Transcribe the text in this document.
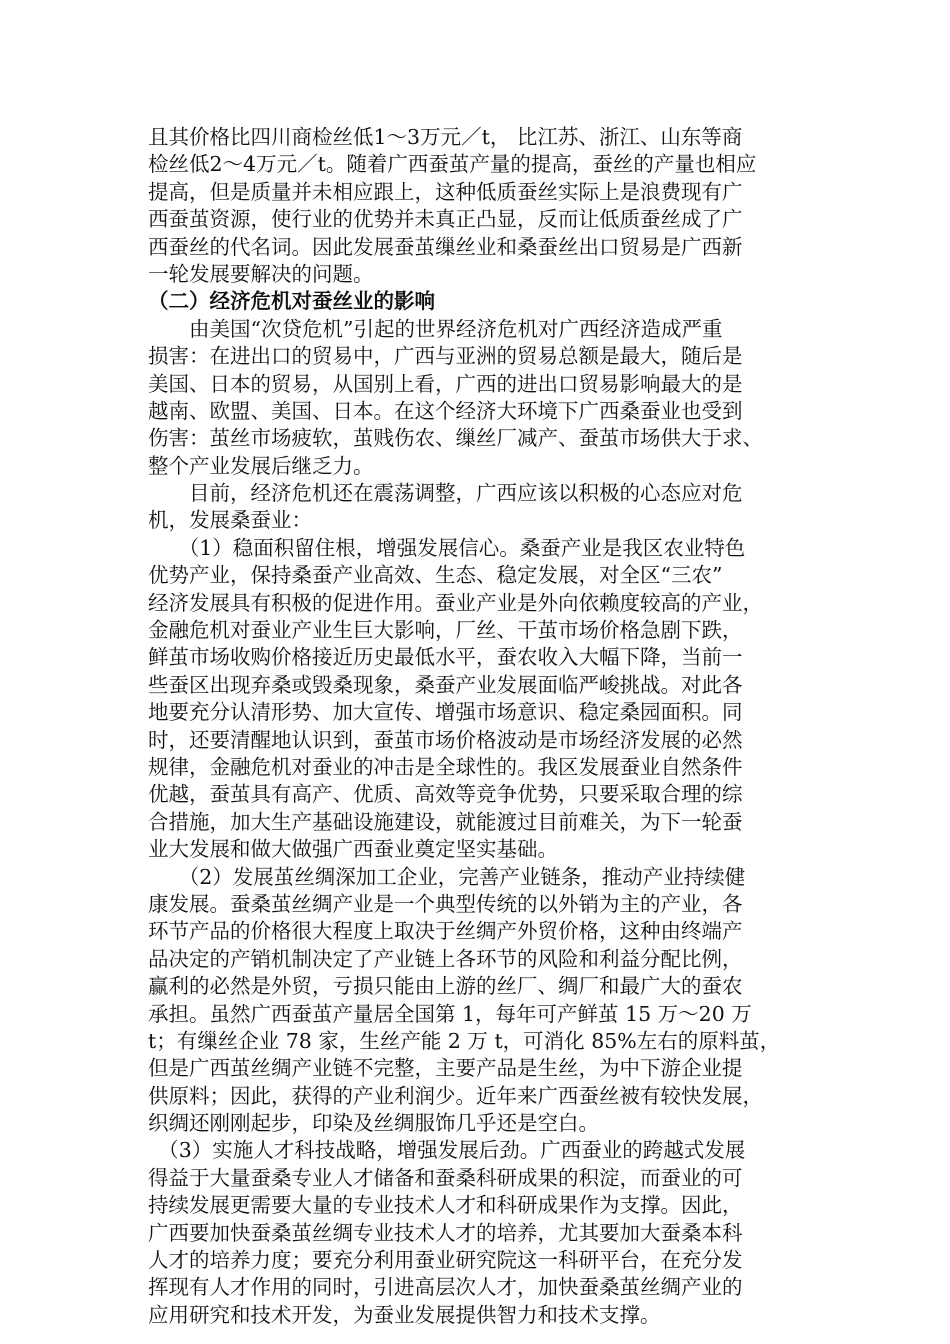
且其价格比四川商检丝低1～3万元／t， 比江苏、浙江、山东等商
检丝低2～4万元／t。随着广西蚕茧产量的提高，蚕丝的产量也相应
提高，但是质量并未相应跟上，这种低质蚕丝实际上是浪费现有广
西蚕茧资源，使行业的优势并未真正凸显，反而让低质蚕丝成了广
西蚕丝的代名词。因此发展蚕茧缫丝业和桑蚕丝出口贸易是广西新
一轮发展要解决的问题。
（二）经济危机对蚕丝业的影响
　　由美国“次贷危机”引起的世界经济危机对广西经济造成严重
损害：在进出口的贸易中，广西与亚洲的贸易总额是最大，随后是
美国、日本的贸易，从国别上看，广西的进出口贸易影响最大的是
越南、欧盟、美国、日本。在这个经济大环境下广西桑蚕业也受到
伤害：茧丝市场疲软，茧贱伤农、缫丝厂减产、蚕茧市场供大于求、
整个产业发展后继乏力。
　　目前，经济危机还在震荡调整，广西应该以积极的心态应对危
机，发展桑蚕业：
　　（1）稳面积留住根，增强发展信心。桑蚕产业是我区农业特色
优势产业，保持桑蚕产业高效、生态、稳定发展，对全区“三农”
经济发展具有积极的促进作用。蚕业产业是外向依赖度较高的产业，
金融危机对蚕业产业生巨大影响，厂丝、干茧市场价格急剧下跌，
鲜茧市场收购价格接近历史最低水平，蚕农收入大幅下降，当前一
些蚕区出现弃桑或毁桑现象，桑蚕产业发展面临严峻挑战。对此各
地要充分认清形势、加大宣传、增强市场意识、稳定桑园面积。同
时，还要清醒地认识到，蚕茧市场价格波动是市场经济发展的必然
规律，金融危机对蚕业的冲击是全球性的。我区发展蚕业自然条件
优越，蚕茧具有高产、优质、高效等竞争优势，只要采取合理的综
合措施，加大生产基础设施建设，就能渡过目前难关，为下一轮蚕
业大发展和做大做强广西蚕业奠定坚实基础。
　　（2）发展茧丝绸深加工企业，完善产业链条，推动产业持续健
康发展。蚕桑茧丝绸产业是一个典型传统的以外销为主的产业，各
环节产品的价格很大程度上取决于丝绸产外贸价格，这种由终端产
品决定的产销机制决定了产业链上各环节的风险和利益分配比例，
赢利的必然是外贸，亏损只能由上游的丝厂、绸厂和最广大的蚕农
承担。虽然广西蚕茧产量居全国第 1，每年可产鲜茧 15 万～20 万
t；有缫丝企业 78 家，生丝产能 2 万 t，可消化 85%左右的原料茧，
但是广西茧丝绸产业链不完整，主要产品是生丝，为中下游企业提
供原料；因此，获得的产业利润少。近年来广西蚕丝被有较快发展，
织绸还刚刚起步，印染及丝绸服饰几乎还是空白。
　（3）实施人才科技战略，增强发展后劲。广西蚕业的跨越式发展
得益于大量蚕桑专业人才储备和蚕桑科研成果的积淀，而蚕业的可
持续发展更需要大量的专业技术人才和科研成果作为支撑。因此，
广西要加快蚕桑茧丝绸专业技术人才的培养，尤其要加大蚕桑本科
人才的培养力度；要充分利用蚕业研究院这一科研平台，在充分发
挥现有人才作用的同时，引进高层次人才，加快蚕桑茧丝绸产业的
应用研究和技术开发，为蚕业发展提供智力和技术支撑。
